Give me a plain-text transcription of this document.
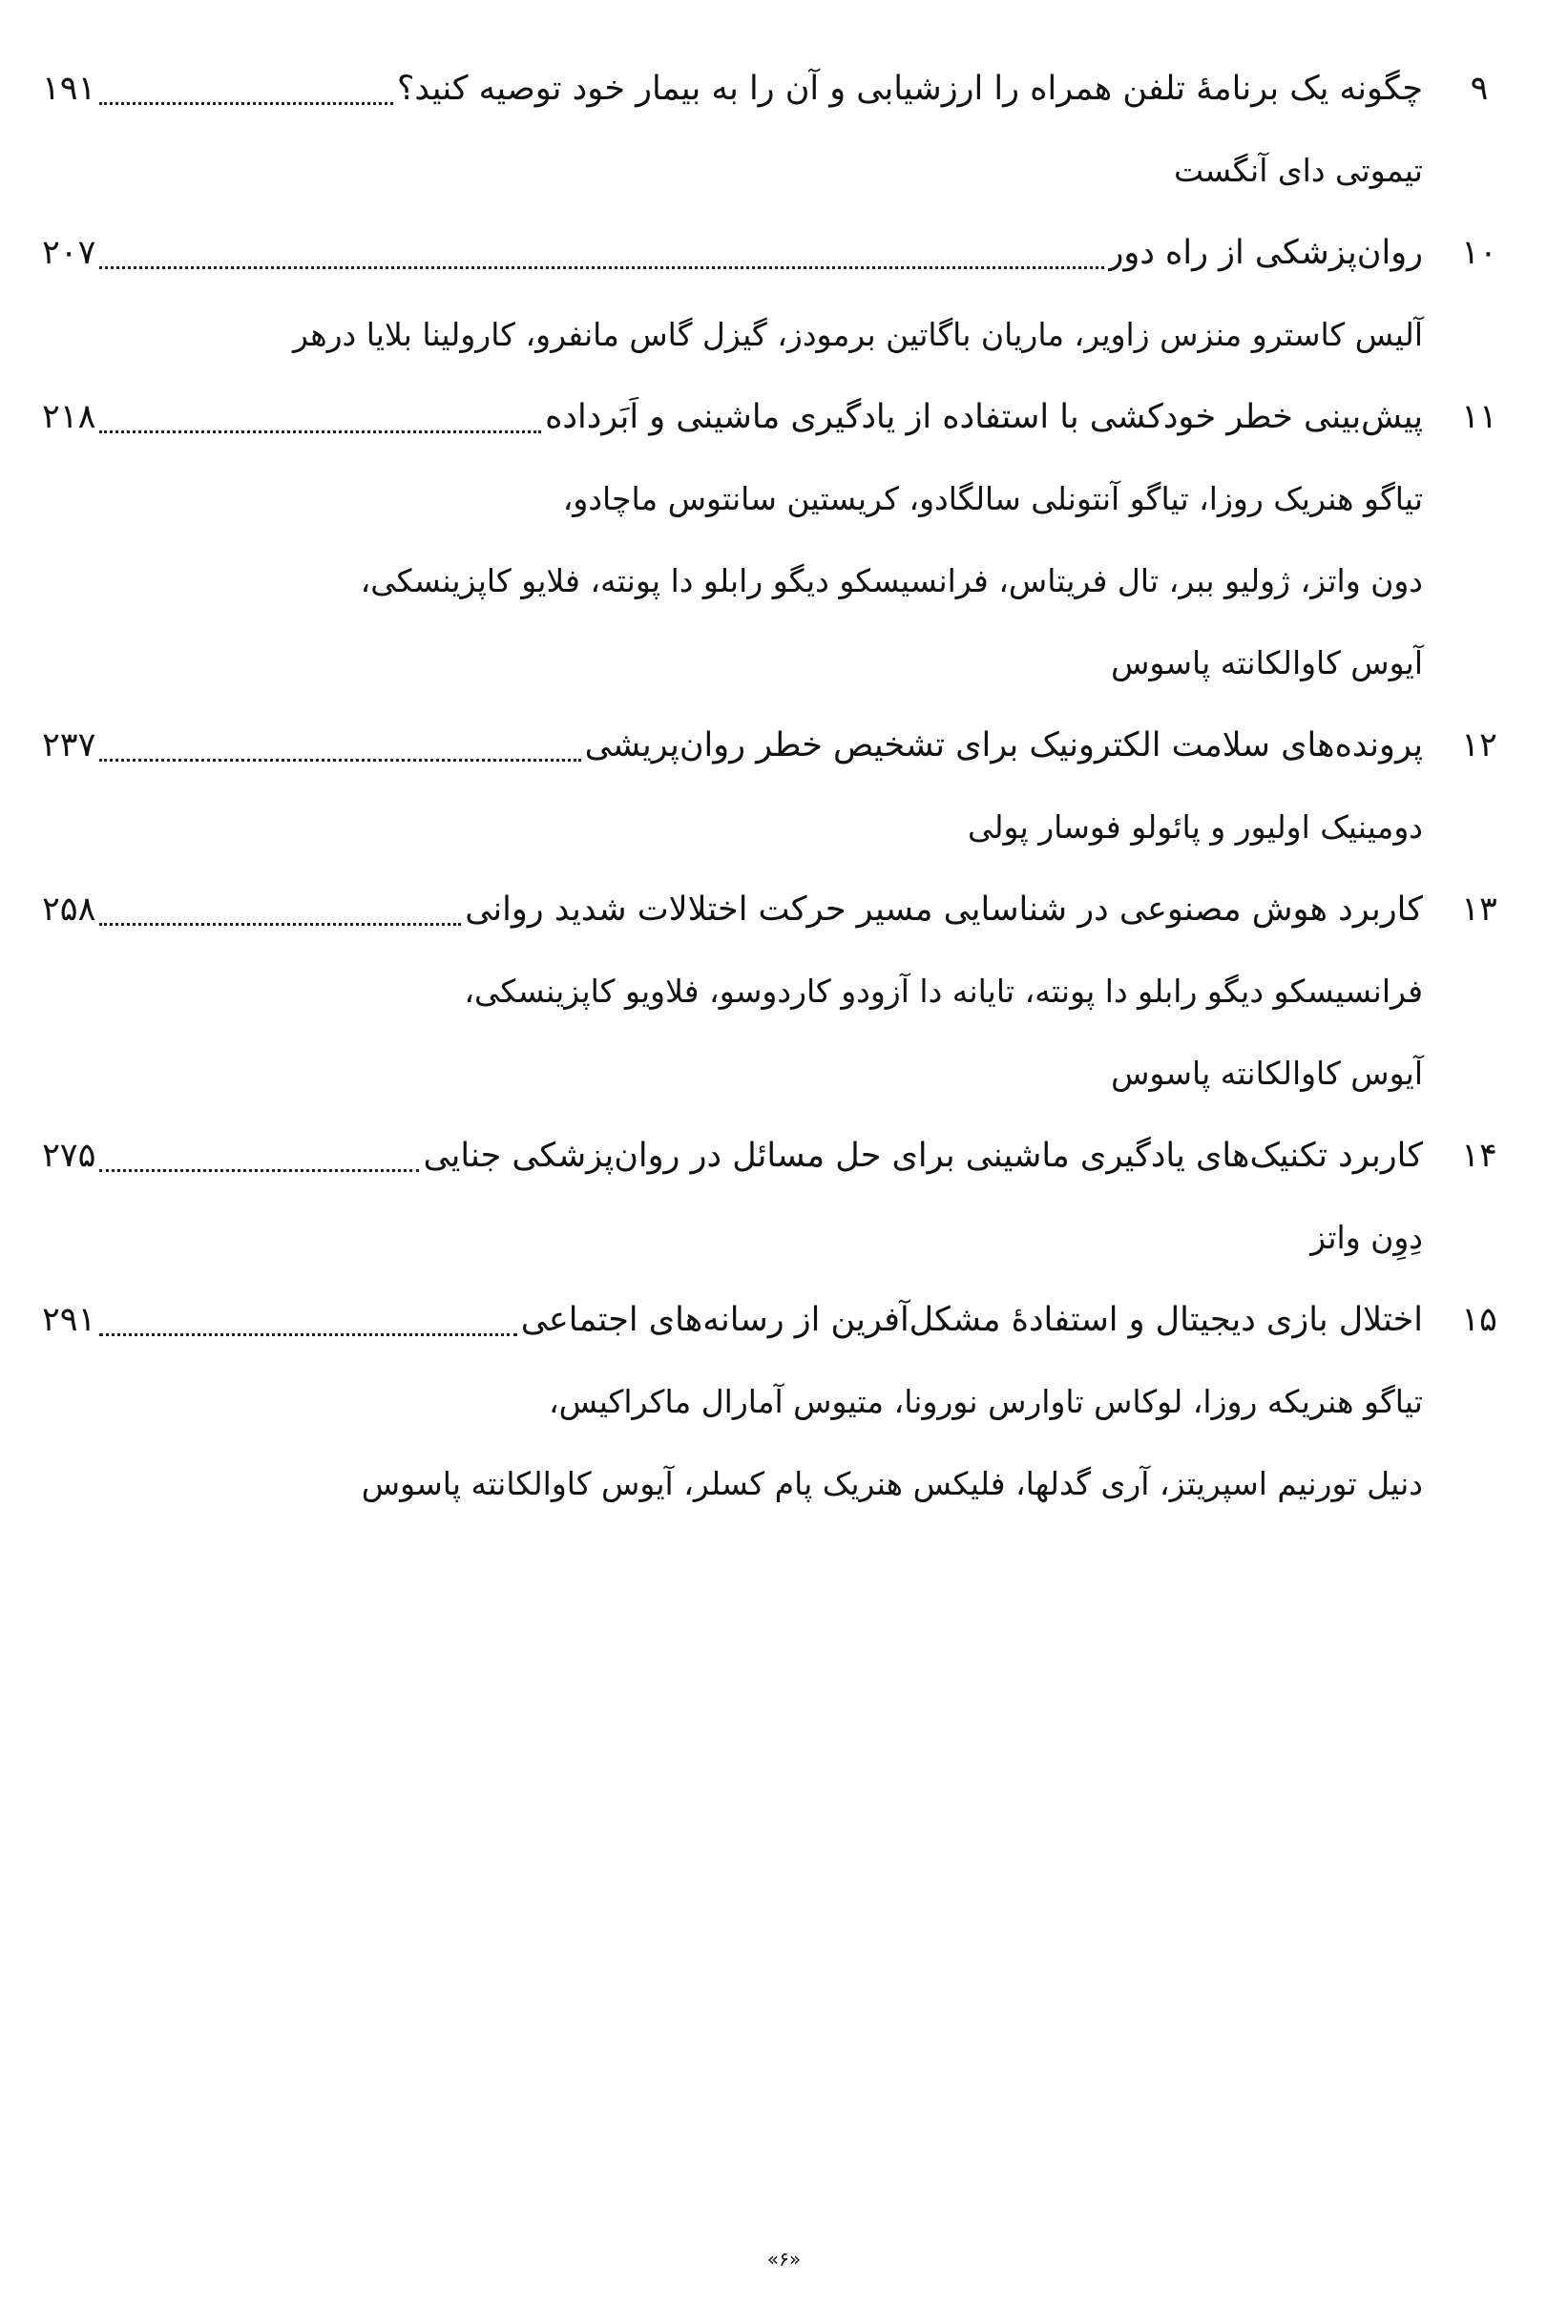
۹
چگونه یک برنامهٔ تلفن همراه را ارزشیابی و آن را به بیمار خود توصیه کنید؟
۱۹۱
تیموتی دای آنگست
۱۰
روان‌پزشکی از راه دور
۲۰۷
آلیس کاسترو منزس زاویر، ماریان باگاتین برمودز، گیزل گاس مانفرو، کارولینا بلایا درهر
۱۱
پیش‌بینی خطر خودکشی با استفاده از یادگیری ماشینی و اَبَرداده
۲۱۸
تیاگو هنریک روزا، تیاگو آنتونلی سالگادو، کریستین سانتوس ماچادو،
دون واتز، ژولیو ببر، تال فریتاس، فرانسیسکو دیگو رابلو دا پونته، فلایو کاپزینسکی،
آیوس کاوالکانته پاسوس
۱۲
پرونده‌های سلامت الکترونیک برای تشخیص خطر روان‌پریشی
۲۳۷
دومینیک اولیور و پائولو فوسار پولی
۱۳
کاربرد هوش مصنوعی در شناسایی مسیر حرکت اختلالات شدید روانی
۲۵۸
فرانسیسکو دیگو رابلو دا پونته، تایانه دا آزودو کاردوسو، فلاویو کاپزینسکی،
آیوس کاوالکانته پاسوس
۱۴
کاربرد تکنیک‌های یادگیری ماشینی برای حل مسائل در روان‌پزشکی جنایی
۲۷۵
دِوِن واتز
۱۵
اختلال بازی دیجیتال و استفادهٔ مشکل‌آفرین از رسانه‌های اجتماعی
۲۹۱
تیاگو هنریکه روزا، لوکاس تاوارس نورونا، متیوس آمارال ماکراکیس،
دنیل تورنیم اسپریتز، آری گدلها، فلیکس هنریک پام کسلر، آیوس کاوالکانته پاسوس
«۶»
